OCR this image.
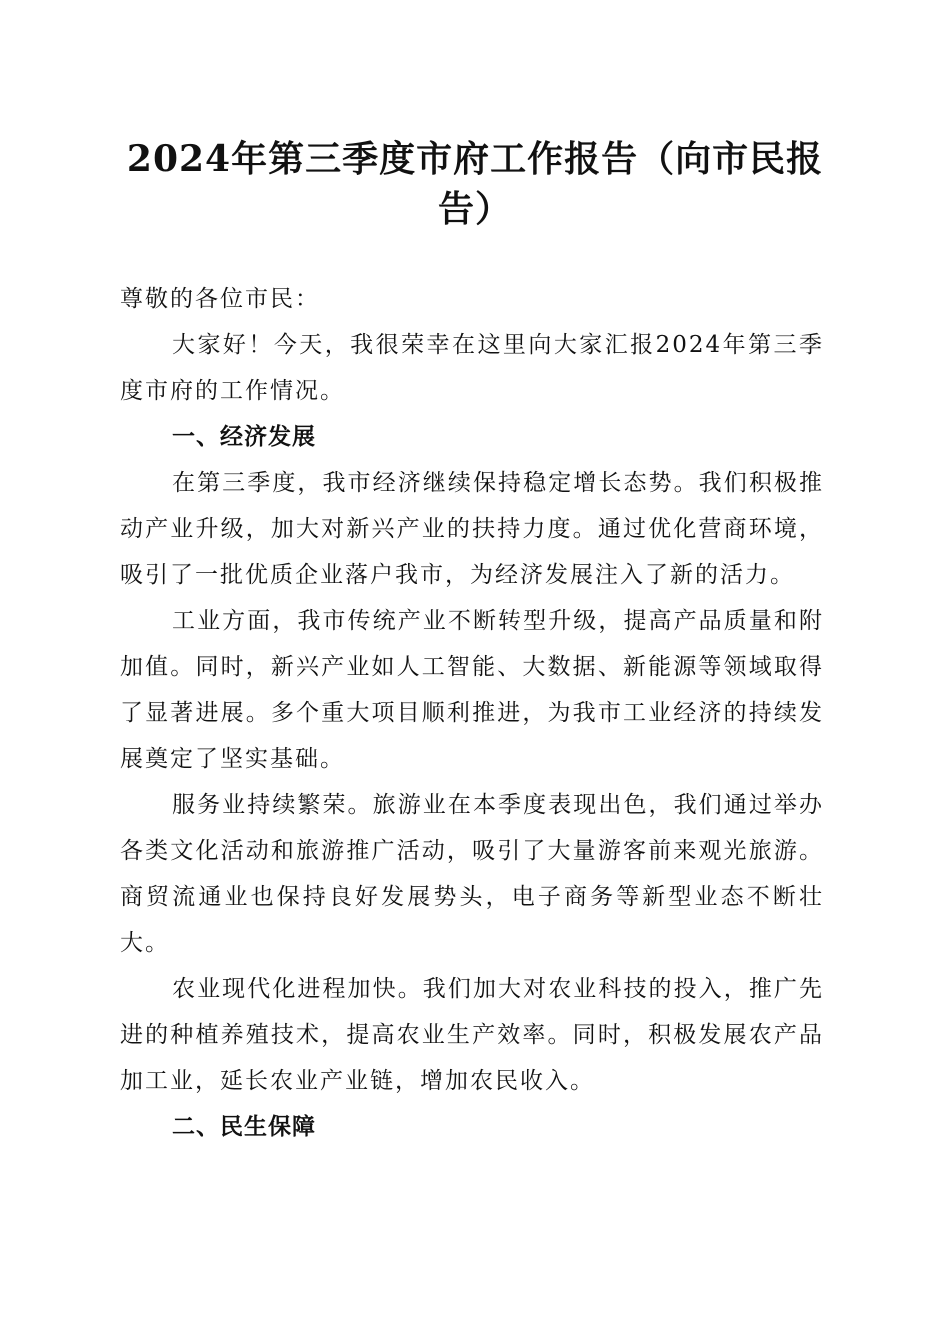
2024年第三季度市府工作报告（向市民报告）

尊敬的各位市民：

大家好！今天，我很荣幸在这里向大家汇报2024年第三季度市府的工作情况。

一、经济发展

在第三季度，我市经济继续保持稳定增长态势。我们积极推动产业升级，加大对新兴产业的扶持力度。通过优化营商环境，吸引了一批优质企业落户我市，为经济发展注入了新的活力。

工业方面，我市传统产业不断转型升级，提高产品质量和附加值。同时，新兴产业如人工智能、大数据、新能源等领域取得了显著进展。多个重大项目顺利推进，为我市工业经济的持续发展奠定了坚实基础。

服务业持续繁荣。旅游业在本季度表现出色，我们通过举办各类文化活动和旅游推广活动，吸引了大量游客前来观光旅游。商贸流通业也保持良好发展势头，电子商务等新型业态不断壮大。

农业现代化进程加快。我们加大对农业科技的投入，推广先进的种植养殖技术，提高农业生产效率。同时，积极发展农产品加工业，延长农业产业链，增加农民收入。

二、民生保障
